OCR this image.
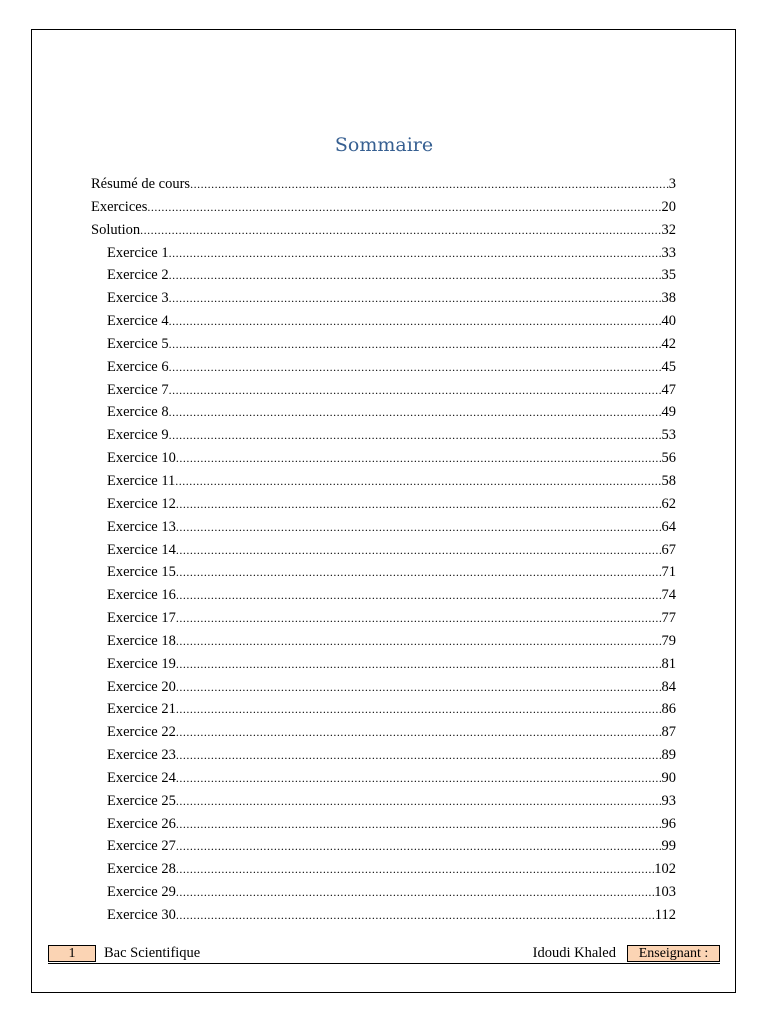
Sommaire
Résumé de cours .....	3
Exercices .....	20
Solution .....	32
Exercice 1 .....	33
Exercice 2 .....	35
Exercice 3 .....	38
Exercice 4 .....	40
Exercice 5 .....	42
Exercice 6 .....	45
Exercice 7 .....	47
Exercice 8 .....	49
Exercice 9 .....	53
Exercice 10 .....	56
Exercice 11 .....	58
Exercice 12 .....	62
Exercice 13 .....	64
Exercice 14 .....	67
Exercice 15 .....	71
Exercice 16 .....	74
Exercice 17 .....	77
Exercice 18 .....	79
Exercice 19 .....	81
Exercice 20 .....	84
Exercice 21 .....	86
Exercice 22 .....	87
Exercice 23 .....	89
Exercice 24 .....	90
Exercice 25 .....	93
Exercice 26 .....	96
Exercice 27 .....	99
Exercice 28 .....	102
Exercice 29 .....	103
Exercice 30 .....	112
1	Bac Scientifique	Idoudi Khaled	Enseignant :
